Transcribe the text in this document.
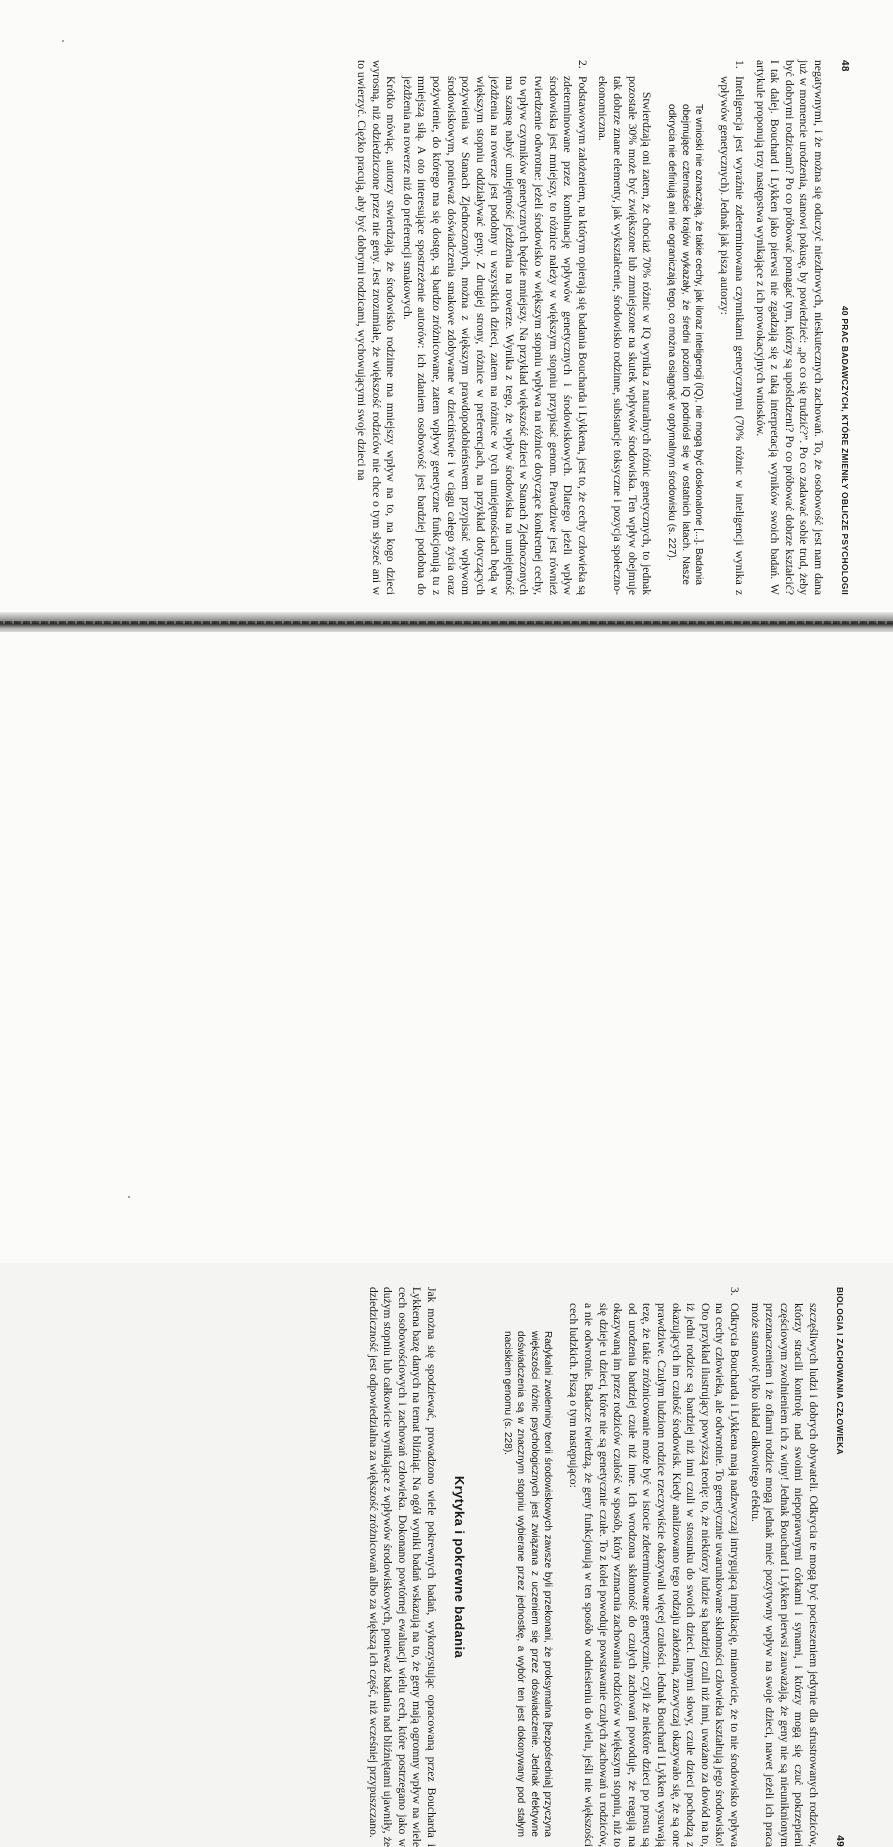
48
40 PRAC BADAWCZYCH, KTÓRE ZMIENIŁY OBLICZE PSYCHOLOGII

negatywnymi, i że można się oduczyć niezdrowych, nieskutecznych zachowań. To, że osobowość jest nam dana już w momencie urodzenia, stanowi pokusę, by powiedzieć: „po co się trudzić?”. Po co zadawać sobie trud, żeby być dobrymi rodzicami? Po co próbować pomagać tym, którzy są upośledzeni? Po co próbować dobrze kształcić? I tak dalej. Bouchard i Lykken jako pierwsi nie zgadzają się z taką interpretacją wyników swoich badań. W artykule proponują trzy następstwa wynikające z ich prowokacyjnych wniosków.

1.

Inteligencja jest wyraźnie zdeterminowana czynnikami genetycznymi (70% różnic w inteligencji wynika z wpływów genetycznych). Jednak jak piszą autorzy:

Te wnioski nie oznaczają, że takie cechy, jak iloraz inteligencji (IQ), nie mogą być doskonalone [...]. Badania obejmujące czternaście krajów wykazały, że średni poziom IQ podniósł się w ostatnich latach. Nasze odkrycia nie definiują ani nie ograniczają tego, co można osiągnąć w optymalnym środowisku (s. 227).

Stwierdzają oni zatem, że chociaż 70% różnic w IQ wynika z naturalnych różnic genetycznych, to jednak pozostałe 30% może być zwiększone lub zmniejszone na skutek wpływów środowiska. Ten wpływ obejmuje tak dobrze znane elementy, jak wykształcenie, środowisko rodzinne, substancje toksyczne i pozycja społeczno-ekonomiczna.

2.

Podstawowym założeniem, na którym opierają się badania Boucharda i Lykkena, jest to, że cechy człowieka są zdeterminowane przez kombinację wpływów genetycznych i środowiskowych. Dlatego jeżeli wpływ środowiska jest mniejszy, to różnice należy w większym stopniu przypisać genom. Prawdziwe jest również twierdzenie odwrotne: jeżeli środowisko w większym stopniu wpływa na różnice dotyczące konkretnej cechy, to wpływ czynników genetycznych będzie mniejszy. Na przykład większość dzieci w Stanach Zjednoczonych ma szansę nabyć umiejętność jeżdżenia na rowerze. Wynika z tego, że wpływ środowiska na umiejętność jeżdżenia na rowerze jest podobny u wszystkich dzieci, zatem na różnice w tych umiejętnościach będą w większym stopniu oddziaływać geny. Z drugiej strony, różnice w preferencjach, na przykład dotyczących pożywienia w Stanach Zjednoczonych, można z większym prawdopodobieństwem przypisać wpływom środowiskowym, ponieważ doświadczenia smakowe zdobywane w dzieciństwie i w ciągu całego życia oraz pożywienie, do którego ma się dostęp, są bardzo zróżnicowane, zatem wpływy genetyczne funkcjonują tu z mniejszą siłą. A oto interesujące spostrzeżenie autorów: ich zdaniem osobowość jest bardziej podobna do jeżdżenia na rowerze niż do preferencji smakowych.

Krótko mówiąc, autorzy stwierdzają, że środowisko rodzinne ma mniejszy wpływ na to, na kogo dzieci wyrosną, niż odziedziczone przez nie geny. Jest zrozumiałe, że większość rodziców nie chce o tym słyszeć ani w to uwierzyć. Ciężko pracują, aby być dobrymi rodzicami, wychowującymi swoje dzieci na

BIOLOGIA I ZACHOWANIA CZŁOWIEKA
49

szczęśliwych ludzi i dobrych obywateli. Odkrycia te mogą być pocieszeniem jedynie dla sfrustrowanych rodziców, którzy stracili kontrolę nad swoimi niepoprawnymi córkami i synami, i którzy mogą się czuć pokrzepieni częściowym zwolnieniem ich z winy! Jednak Bouchard i Lykken pierwsi zauważają, że geny nie są nieuniknionym przeznaczeniem i że ofiarni rodzice mogą jednak mieć pozytywny wpływ na swoje dzieci, nawet jeżeli ich praca może stanowić tylko układ całkowitego efektu.

3.

Odkrycia Boucharda i Lykkena mają nadzwyczaj intrygującą implikację, mianowicie, że to nie środowisko wpływa na cechy człowieka, ale odwrotnie. To genetycznie uwarunkowane skłonności człowieka kształtują jego środowisko! Oto przykład ilustrujący powyższą teorię: to, że niektórzy ludzie są bardziej czuli niż inni, uważano za dowód na to, iż jedni rodzice są bardziej niż inni czuli w stosunku do swoich dzieci. Innymi słowy, czułe dzieci pochodzą z okazujących im czułość środowisk. Kiedy analizowano tego rodzaju założenia, zazwyczaj okazywało się, że są one prawdziwe. Czułym ludziom rodzice rzeczywiście okazywali więcej czułości. Jednak Bouchard i Lykken wysuwają tezę, że takie zróżnicowanie może być w istocie zdeterminowane genetycznie, czyli że niektóre dzieci po prostu są od urodzenia bardziej czułe niż inne. Ich wrodzona skłonność do czułych zachowań powoduje, że reagują na okazywaną im przez rodziców czułość w sposób, który wzmacnia zachowania rodziców w większym stopniu, niż to się dzieje u dzieci, które nie są genetycznie czułe. To z kolei powoduje powstawanie czułych zachowań u rodziców, a nie odwrotnie. Badacze twierdzą, że geny funkcjonują w ten sposób w odniesieniu do wielu, jeśli nie większości cech ludzkich. Piszą o tym następująco:

Radykalni zwolennicy teorii środowiskowych zawsze byli przekonani, że proksymalna [bezpośrednia] przyczyna większości różnic psychologicznych jest związana z uczeniem się przez doświadczenie. Jednak efektywne doświadczenia są w znacznym stopniu wybierane przez jednostkę, a wybór ten jest dokonywany pod stałym naciskiem genomu (s. 228).

Krytyka i pokrewne badania

Jak można się spodziewać, prowadzono wiele pokrewnych badań, wykorzystując opracowaną przez Boucharda i Lykkena bazę danych na temat bliźniąt. Na ogół wyniki badań wskazują na to, że geny mają ogromny wpływ na wiele cech osobowościowych i zachowań człowieka. Dokonano powtórnej ewaluacji wielu cech, które postrzegano jako w dużym stopniu lub całkowicie wynikające z wpływów środowiskowych, ponieważ badania nad bliźniętami ujawniły, że dziedziczność jest odpowiedzialna za większość zróżnicowań albo za większą ich część, niż wcześniej przypuszczano.
